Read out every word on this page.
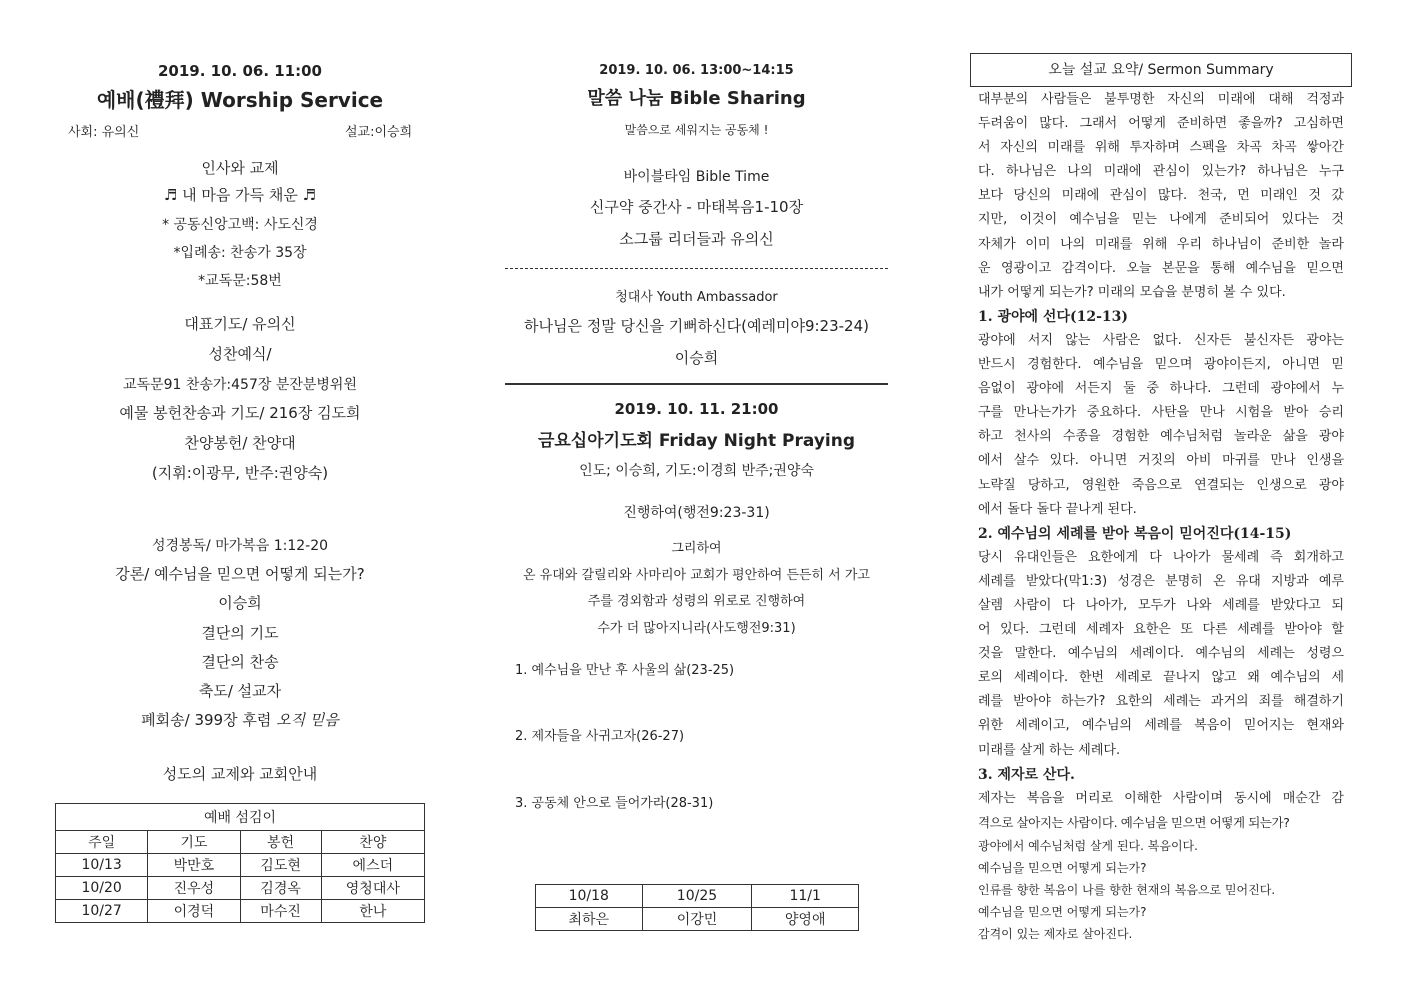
2019. 10. 06. 11:00
예배(禮拜) Worship Service
사회: 유의신	설교:이승희
인사와 교제
♬ 내 마음 가득 채운 ♬
* 공동신앙고백: 사도신경
*입례송: 찬송가 35장
*교독문:58번
대표기도/ 유의신
성찬예식/
교독문91 찬송가:457장 분잔분병위원
예물 봉헌찬송과 기도/ 216장 김도희
찬양봉헌/ 찬양대
(지휘:이광무, 반주:권양숙)
성경봉독/ 마가복음 1:12-20
강론/ 예수님을 믿으면 어떻게 되는가?
이승희
결단의 기도
결단의 찬송
축도/ 설교자
폐회송/ 399장 후렴 오직 믿음
성도의 교제와 교회안내
예배 섬김이			
주일	기도	봉헌	찬양
10/13	박만호	김도현	에스더
10/20	진우성	김경옥	영청대사
10/27	이경덕	마수진	한나
2019. 10. 06. 13:00~14:15
말씀 나눔 Bible Sharing
말씀으로 세워지는 공동체 !
바이블타임 Bible Time
신구약 중간사 - 마태복음1-10장
소그룹 리더들과 유의신
청대사 Youth Ambassador
하나님은 정말 당신을 기뻐하신다(예레미야9:23-24)
이승희
2019. 10. 11. 21:00
금요십아기도회 Friday Night Praying
인도; 이승희, 기도:이경희 반주;권양숙
진행하여(행전9:23-31)
그리하여
온 유대와 갈릴리와 사마리아 교회가 평안하여 든든히 서 가고
주를 경외함과 성령의 위로로 진행하여
수가 더 많아지니라(사도행전9:31)
1. 예수님을 만난 후 사울의 삶(23-25)
2. 제자들을 사귀고자(26-27)
3. 공동체 안으로 들어가라(28-31)
10/18	10/25	11/1
최하은	이강민	양영애
오늘 설교 요약/ Sermon Summary
대부분의 사람들은 불투명한 자신의 미래에 대해 걱정과
두려움이 많다. 그래서 어떻게 준비하면 좋을까? 고심하면
서 자신의 미래를 위해 투자하며 스펙을 차곡 차곡 쌓아간
다. 하나님은 나의 미래에 관심이 있는가? 하나님은 누구
보다 당신의 미래에 관심이 많다. 천국, 먼 미래인 것 갔
지만, 이것이 예수님을 믿는 나에게 준비되어 있다는 것
자체가 이미 나의 미래를 위해 우리 하나님이 준비한 놀라
운 영광이고 감격이다. 오늘 본문을 통해 예수님을 믿으면
내가 어떻게 되는가? 미래의 모습을 분명히 볼 수 있다.
1. 광야에 선다(12-13)
광야에 서지 않는 사람은 없다. 신자든 불신자든 광야는
반드시 경험한다. 예수님을 믿으며 광야이든지, 아니면 믿
음없이 광야에 서든지 둘 중 하나다. 그런데 광야에서 누
구를 만나는가가 중요하다. 사탄을 만나 시험을 받아 승리
하고 천사의 수종을 경험한 예수님처럼 놀라운 삶을 광야
에서 살수 있다. 아니면 거짓의 아비 마귀를 만나 인생을
노략질 당하고, 영원한 죽음으로 연결되는 인생으로 광야
에서 돌다 돌다 끝나게 된다.
2. 예수님의 세례를 받아 복음이 믿어진다(14-15)
당시 유대인들은 요한에게 다 나아가 물세례 즉 회개하고
세례를 받았다(막1:3) 성경은 분명히 온 유대 지방과 예루
살렘 사람이 다 나아가, 모두가 나와 세례를 받았다고 되
어 있다. 그런데 세례자 요한은 또 다른 세례를 받아야 할
것을 말한다. 예수님의 세례이다. 예수님의 세례는 성령으
로의 세례이다. 한번 세례로 끝나지 않고 왜 예수님의 세
례를 받아야 하는가? 요한의 세례는 과거의 죄를 해결하기
위한 세례이고, 예수님의 세례를 복음이 믿어지는 현재와
미래를 살게 하는 세례다.
3. 제자로 산다.
제자는 복음을 머리로 이해한 사람이며 동시에 매순간 감
격으로 살아지는 사람이다. 예수님을 믿으면 어떻게 되는가?
광야에서 예수님처럼 살게 된다. 복음이다.
예수님을 믿으면 어떻게 되는가?
인류를 향한 복음이 나를 향한 현재의 복음으로 믿어진다.
예수님을 믿으면 어떻게 되는가?
감격이 있는 제자로 살아진다.
